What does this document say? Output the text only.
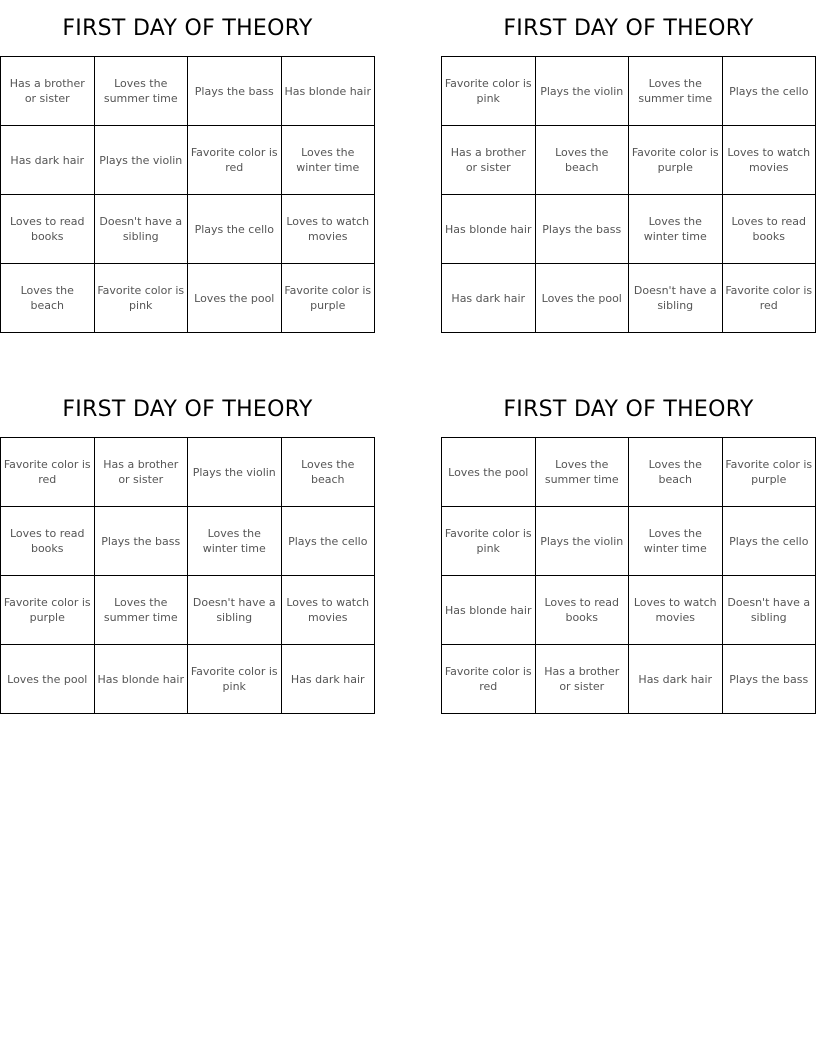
FIRST DAY OF THEORY
Has a brother or sister	Loves the summer time	Plays the bass	Has blonde hair
Has dark hair	Plays the violin	Favorite color is red	Loves the winter time
Loves to read books	Doesn't have a sibling	Plays the cello	Loves to watch movies
Loves the beach	Favorite color is pink	Loves the pool	Favorite color is purple
FIRST DAY OF THEORY
Favorite color is pink	Plays the violin	Loves the summer time	Plays the cello
Has a brother or sister	Loves the beach	Favorite color is purple	Loves to watch movies
Has blonde hair	Plays the bass	Loves the winter time	Loves to read books
Has dark hair	Loves the pool	Doesn't have a sibling	Favorite color is red
FIRST DAY OF THEORY
Favorite color is red	Has a brother or sister	Plays the violin	Loves the beach
Loves to read books	Plays the bass	Loves the winter time	Plays the cello
Favorite color is purple	Loves the summer time	Doesn't have a sibling	Loves to watch movies
Loves the pool	Has blonde hair	Favorite color is pink	Has dark hair
FIRST DAY OF THEORY
Loves the pool	Loves the summer time	Loves the beach	Favorite color is purple
Favorite color is pink	Plays the violin	Loves the winter time	Plays the cello
Has blonde hair	Loves to read books	Loves to watch movies	Doesn't have a sibling
Favorite color is red	Has a brother or sister	Has dark hair	Plays the bass
